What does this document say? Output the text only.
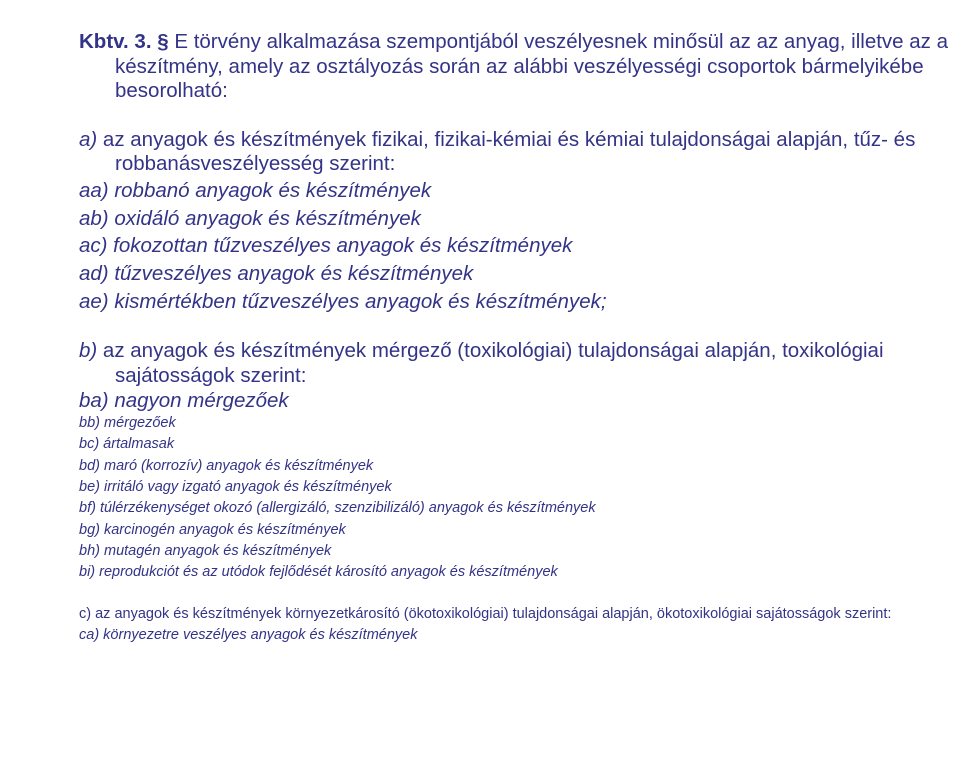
Kbtv. 3. § E törvény alkalmazása szempontjából veszélyesnek minősül az az anyag, illetve az a készítmény, amely az osztályozás során az alábbi veszélyességi csoportok bármelyikébe besorolható:

a) az anyagok és készítmények fizikai, fizikai-kémiai és kémiai tulajdonságai alapján, tűz- és robbanásveszélyesség szerint:

aa) robbanó anyagok és készítmények

ab) oxidáló anyagok és készítmények

ac) fokozottan tűzveszélyes anyagok és készítmények

ad) tűzveszélyes anyagok és készítmények

ae) kismértékben tűzveszélyes anyagok és készítmények;

b) az anyagok és készítmények mérgező (toxikológiai) tulajdonságai alapján, toxikológiai sajátosságok szerint:

ba) nagyon mérgezőek

bb) mérgezőek

bc) ártalmasak

bd) maró (korrozív) anyagok és készítmények

be) irritáló vagy izgató anyagok és készítmények

bf) túlérzékenységet okozó (allergizáló, szenzibilizáló) anyagok és készítmények

bg) karcinogén anyagok és készítmények

bh) mutagén anyagok és készítmények

bi) reprodukciót és az utódok fejlődését károsító anyagok és készítmények

c) az anyagok és készítmények környezetkárosító (ökotoxikológiai) tulajdonságai alapján, ökotoxikológiai sajátosságok szerint:

ca) környezetre veszélyes anyagok és készítmények
